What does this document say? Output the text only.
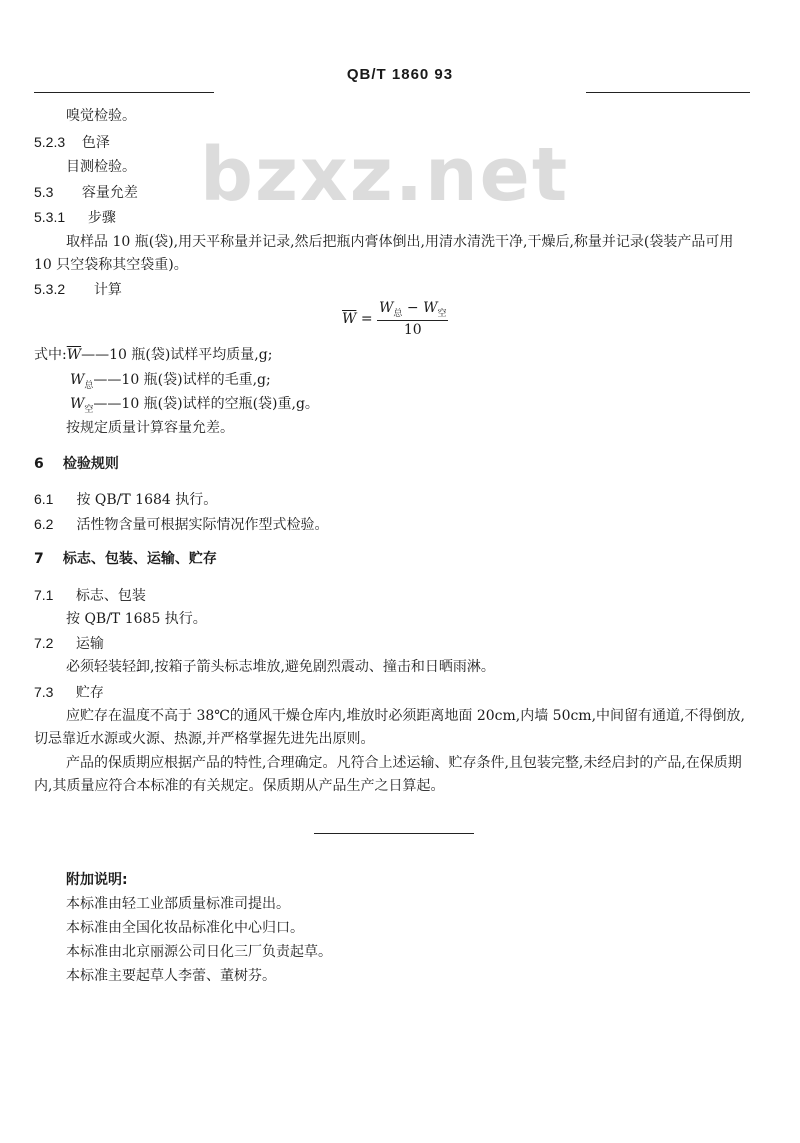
QB/T 1860 93
bzxz.net
嗅觉检验。
5.2.3 色泽
目测检验。
5.3 容量允差
5.3.1 步骤
取样品 10 瓶(袋),用天平称量并记录,然后把瓶内膏体倒出,用清水清洗干净,干燥后,称量并记录(袋装产品可用 10 只空袋称其空袋重)。
5.3.2 计算
$\overline{W} = \frac{W_总 - W_空}{10}$
式中$:\overline{W}——10$ 瓶(袋)试样平均质量,g;
$W_总——10$ 瓶(袋)试样的毛重,g;
$W_空——10$ 瓶(袋)试样的空瓶(袋)重,g。
按规定质量计算容量允差。
6 检验规则
6.1 按 QB/T 1684 执行。
6.2 活性物含量可根据实际情况作型式检验。
7 标志、包装、运输、贮存
7.1 标志、包装
按 QB/T 1685 执行。
7.2 运输
必须轻装轻卸,按箱子箭头标志堆放,避免剧烈震动、撞击和日晒雨淋。
7.3 贮存
应贮存在温度不高于 38℃的通风干燥仓库内,堆放时必须距离地面 20cm,内墙 50cm,中间留有通道,不得倒放,切忌靠近水源或火源、热源,并严格掌握先进先出原则。
产品的保质期应根据产品的特性,合理确定。凡符合上述运输、贮存条件,且包装完整,未经启封的产品,在保质期内,其质量应符合本标准的有关规定。保质期从产品生产之日算起。
附加说明:
本标准由轻工业部质量标准司提出。
本标准由全国化妆品标准化中心归口。
本标准由北京丽源公司日化三厂负责起草。
本标准主要起草人李蕾、董树芬。
